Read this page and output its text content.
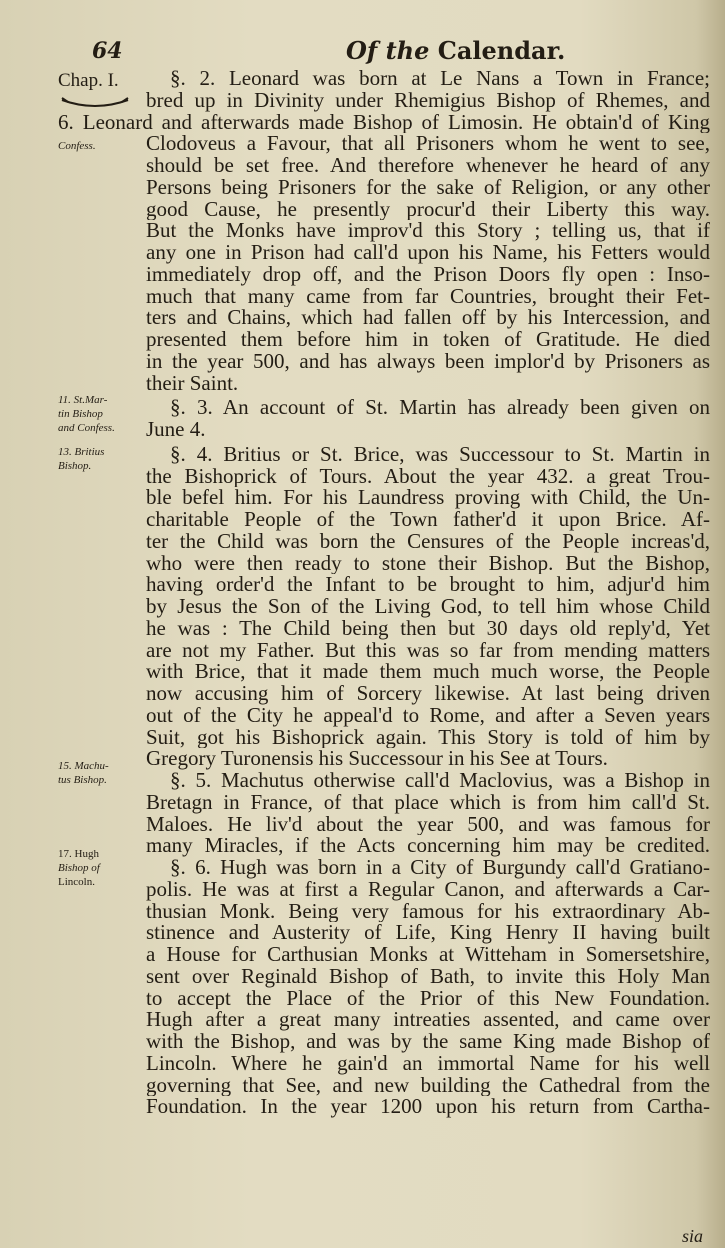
64	Of the Calendar.
Chap. I.
Confess.
11. St.Mar-
tin Bishop
and Confess.
13. Britius
Bishop.
15. Machu-
tus Bishop.
17. Hugh
Bishop of
Lincoln.
§. 2. Leonard was born at Le Nans a Town in France;
bred up in Divinity under Rhemigius Bishop of Rhemes, and
6. Leonard and afterwards made Bishop of Limosin. He obtain'd of King
Clodoveus a Favour, that all Prisoners whom he went to see,
should be set free. And therefore whenever he heard of any
Persons being Prisoners for the sake of Religion, or any other
good Cause, he presently procur'd their Liberty this way.
But the Monks have improv'd this Story ; telling us, that if
any one in Prison had call'd upon his Name, his Fetters would
immediately drop off, and the Prison Doors fly open : Inso-
much that many came from far Countries, brought their Fet-
ters and Chains, which had fallen off by his Intercession, and
presented them before him in token of Gratitude. He died
in the year 500, and has always been implor'd by Prisoners as
their Saint.
§. 3. An account of St. Martin has already been given on
June 4.
§. 4. Britius or St. Brice, was Successour to St. Martin in
the Bishoprick of Tours. About the year 432. a great Trou-
ble befel him. For his Laundress proving with Child, the Un-
charitable People of the Town father'd it upon Brice. Af-
ter the Child was born the Censures of the People increas'd,
who were then ready to stone their Bishop. But the Bishop,
having order'd the Infant to be brought to him, adjur'd him
by Jesus the Son of the Living God, to tell him whose Child
he was : The Child being then but 30 days old reply'd, Yet
are not my Father. But this was so far from mending matters
with Brice, that it made them much much worse, the People
now accusing him of Sorcery likewise. At last being driven
out of the City he appeal'd to Rome, and after a Seven years
Suit, got his Bishoprick again. This Story is told of him by
Gregory Turonensis his Successour in his See at Tours.
§. 5. Machutus otherwise call'd Maclovius, was a Bishop in
Bretagn in France, of that place which is from him call'd St.
Maloes. He liv'd about the year 500, and was famous for
many Miracles, if the Acts concerning him may be credited.
§. 6. Hugh was born in a City of Burgundy call'd Gratiano-
polis. He was at first a Regular Canon, and afterwards a Car-
thusian Monk. Being very famous for his extraordinary Ab-
stinence and Austerity of Life, King Henry II having built
a House for Carthusian Monks at Witteham in Somersetshire,
sent over Reginald Bishop of Bath, to invite this Holy Man
to accept the Place of the Prior of this New Foundation.
Hugh after a great many intreaties assented, and came over
with the Bishop, and was by the same King made Bishop of
Lincoln. Where he gain'd an immortal Name for his well
governing that See, and new building the Cathedral from the
Foundation. In the year 1200 upon his return from Cartha-
sia
